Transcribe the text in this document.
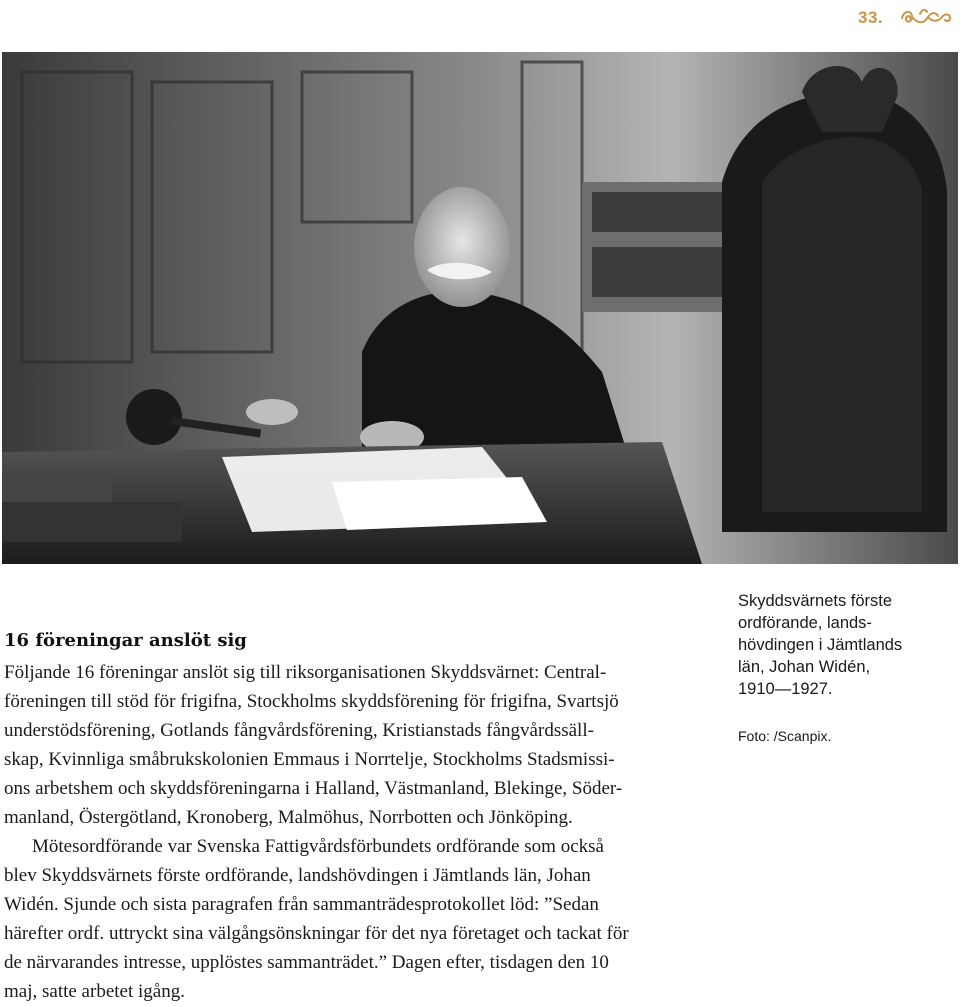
33.
Skyddsvärnets förste
ordförande, lands-
hövdingen i Jämtlands
län, Johan Widén,
1910—1927.
Foto: /Scanpix.
16 föreningar anslöt sig
Följande 16 föreningar anslöt sig till riksorganisationen Skyddsvärnet: Central-
föreningen till stöd för frigifna, Stockholms skyddsförening för frigifna, Svartsjö
understödsförening, Gotlands fångvårdsförening, Kristianstads fångvårdssäll-
skap, Kvinnliga småbrukskolonien Emmaus i Norrtelje, Stockholms Stadsmissi-
ons arbetshem och skyddsföreningarna i Halland, Västmanland, Blekinge, Söder-
manland, Östergötland, Kronoberg, Malmöhus, Norrbotten och Jönköping.
Mötesordförande var Svenska Fattigvårdsförbundets ordförande som också
blev Skyddsvärnets förste ordförande, landshövdingen i Jämtlands län, Johan
Widén. Sjunde och sista paragrafen från sammanträdesprotokollet löd: ”Sedan
härefter ordf. uttryckt sina välgångsönskningar för det nya företaget och tackat för
de närvarandes intresse, upplöstes sammanträdet.” Dagen efter, tisdagen den 10
maj, satte arbetet igång.
